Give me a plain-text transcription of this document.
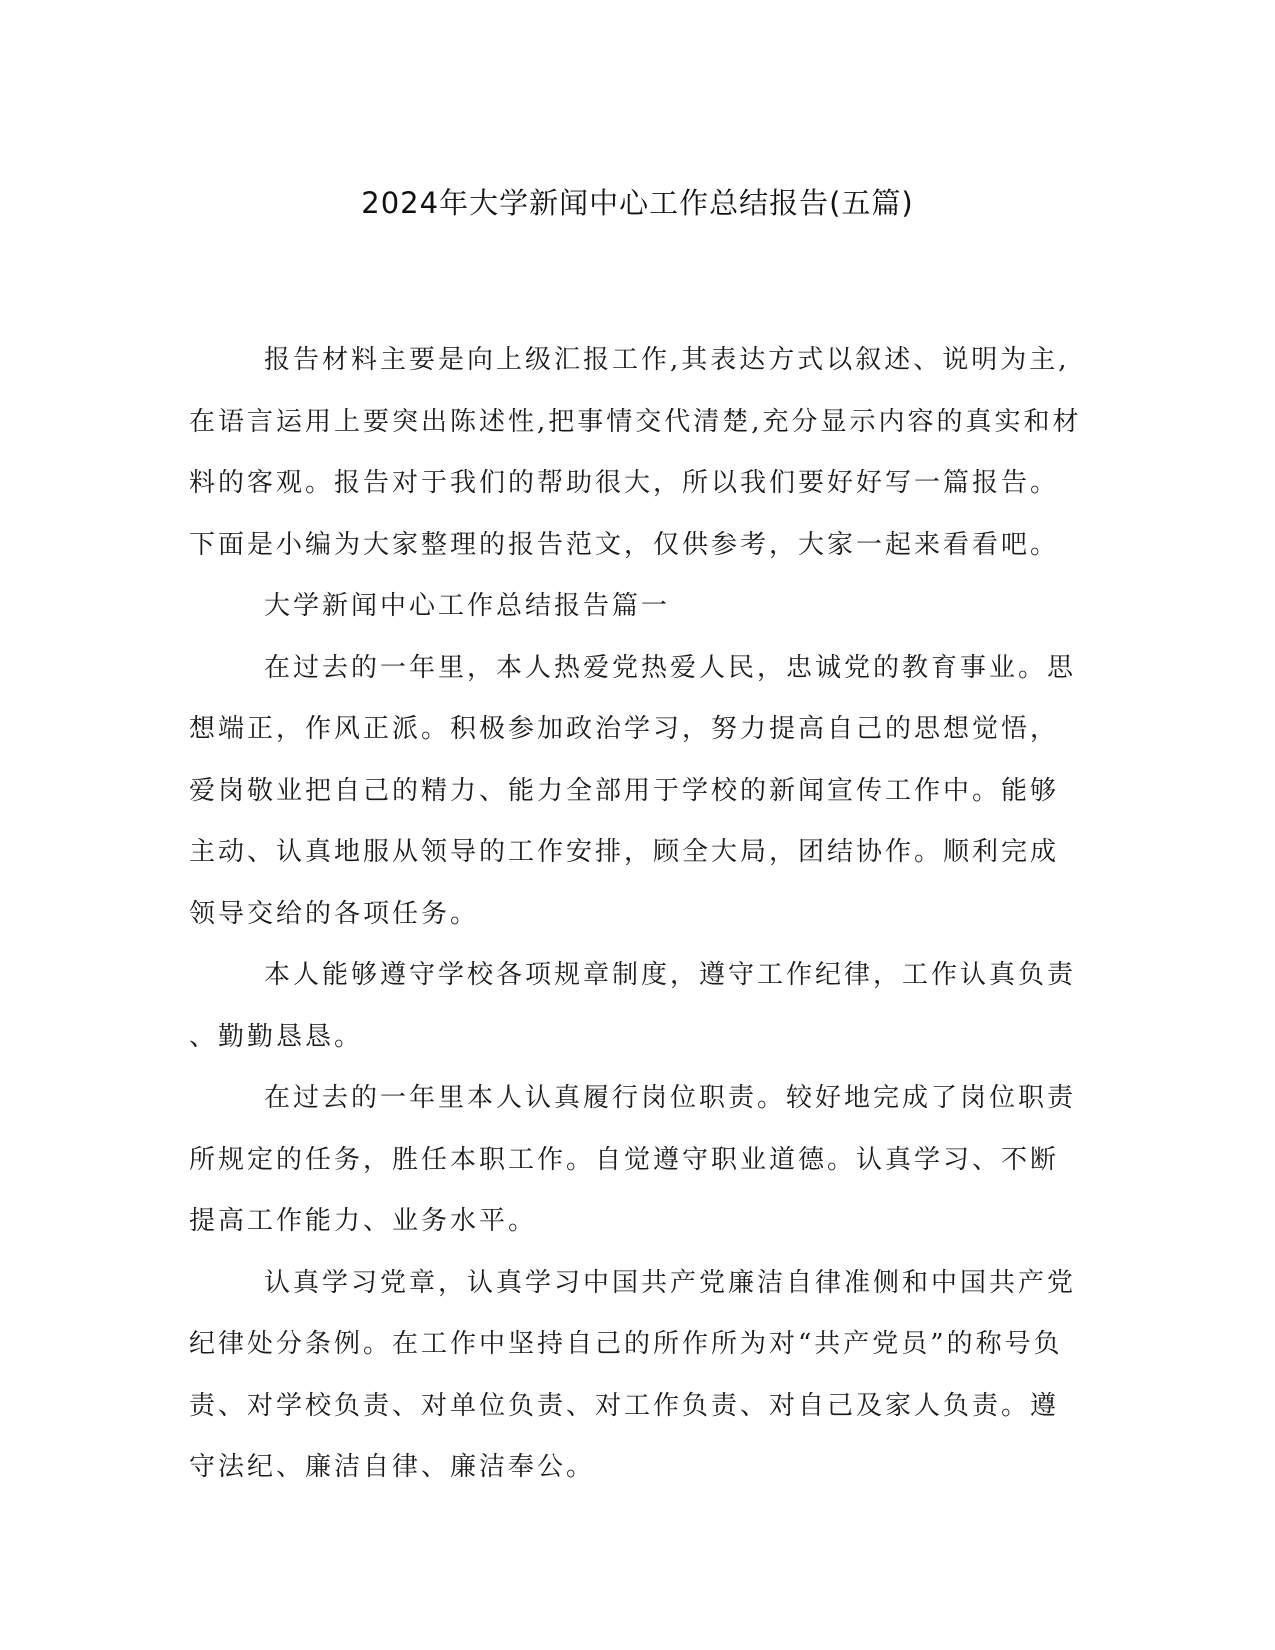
2024年大学新闻中心工作总结报告(五篇)

报告材料主要是向上级汇报工作,其表达方式以叙述、说明为主,
在语言运用上要突出陈述性,把事情交代清楚,充分显示内容的真实和材
料的客观。报告对于我们的帮助很大，所以我们要好好写一篇报告。
下面是小编为大家整理的报告范文，仅供参考，大家一起来看看吧。

大学新闻中心工作总结报告篇一

在过去的一年里，本人热爱党热爱人民，忠诚党的教育事业。思
想端正，作风正派。积极参加政治学习，努力提高自己的思想觉悟，
爱岗敬业把自己的精力、能力全部用于学校的新闻宣传工作中。能够
主动、认真地服从领导的工作安排，顾全大局，团结协作。顺利完成
领导交给的各项任务。

本人能够遵守学校各项规章制度，遵守工作纪律，工作认真负责
、勤勤恳恳。

在过去的一年里本人认真履行岗位职责。较好地完成了岗位职责
所规定的任务，胜任本职工作。自觉遵守职业道德。认真学习、不断
提高工作能力、业务水平。

认真学习党章，认真学习中国共产党廉洁自律准侧和中国共产党
纪律处分条例。在工作中坚持自己的所作所为对“共产党员”的称号负
责、对学校负责、对单位负责、对工作负责、对自己及家人负责。遵
守法纪、廉洁自律、廉洁奉公。
